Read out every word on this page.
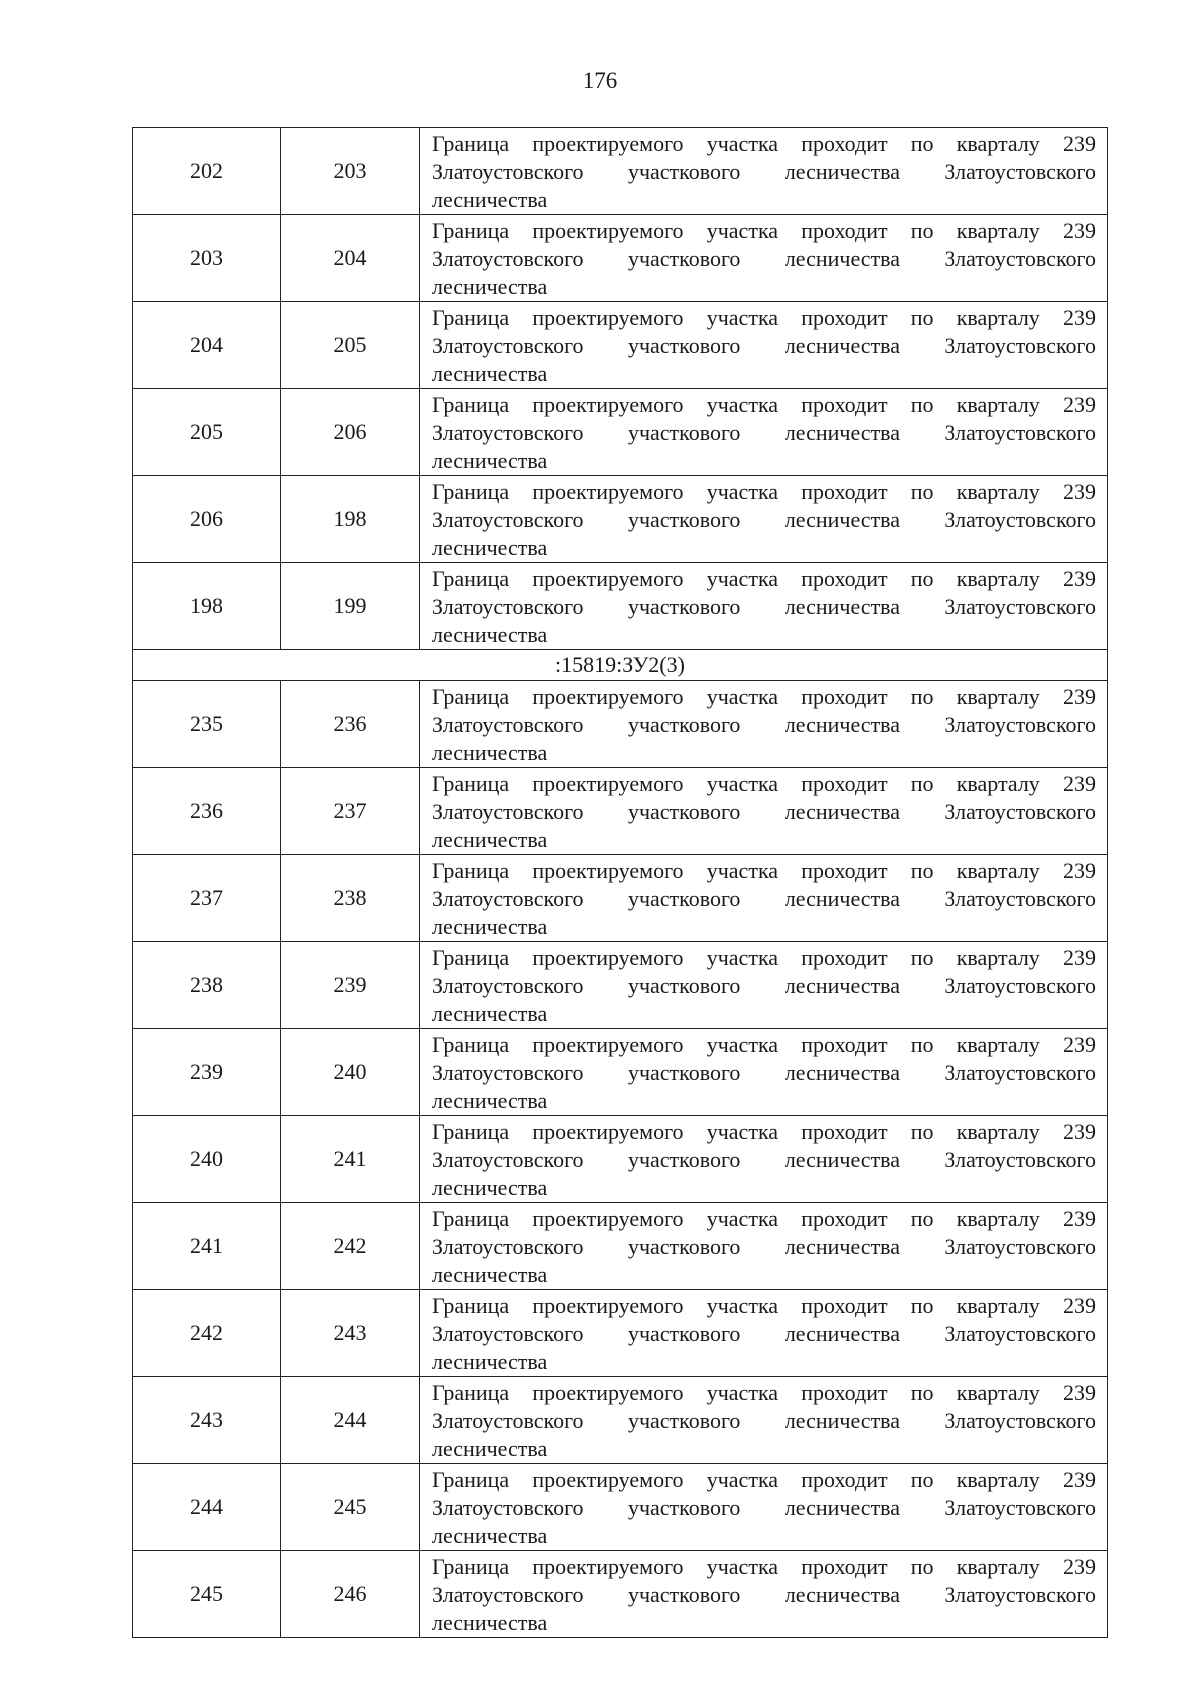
176
202	203	Граница проектируемого участка проходит по кварталу 239
Златоустовского участкового лесничества Златоустовского
лесничества

203	204	Граница проектируемого участка проходит по кварталу 239
Златоустовского участкового лесничества Златоустовского
лесничества

204	205	Граница проектируемого участка проходит по кварталу 239
Златоустовского участкового лесничества Златоустовского
лесничества

205	206	Граница проектируемого участка проходит по кварталу 239
Златоустовского участкового лесничества Златоустовского
лесничества

206	198	Граница проектируемого участка проходит по кварталу 239
Златоустовского участкового лесничества Златоустовского
лесничества

198	199	Граница проектируемого участка проходит по кварталу 239
Златоустовского участкового лесничества Златоустовского
лесничества

:15819:ЗУ2(3)		
235	236	Граница проектируемого участка проходит по кварталу 239
Златоустовского участкового лесничества Златоустовского
лесничества

236	237	Граница проектируемого участка проходит по кварталу 239
Златоустовского участкового лесничества Златоустовского
лесничества

237	238	Граница проектируемого участка проходит по кварталу 239
Златоустовского участкового лесничества Златоустовского
лесничества

238	239	Граница проектируемого участка проходит по кварталу 239
Златоустовского участкового лесничества Златоустовского
лесничества

239	240	Граница проектируемого участка проходит по кварталу 239
Златоустовского участкового лесничества Златоустовского
лесничества

240	241	Граница проектируемого участка проходит по кварталу 239
Златоустовского участкового лесничества Златоустовского
лесничества

241	242	Граница проектируемого участка проходит по кварталу 239
Златоустовского участкового лесничества Златоустовского
лесничества

242	243	Граница проектируемого участка проходит по кварталу 239
Златоустовского участкового лесничества Златоустовского
лесничества

243	244	Граница проектируемого участка проходит по кварталу 239
Златоустовского участкового лесничества Златоустовского
лесничества

244	245	Граница проектируемого участка проходит по кварталу 239
Златоустовского участкового лесничества Златоустовского
лесничества

245	246	Граница проектируемого участка проходит по кварталу 239
Златоустовского участкового лесничества Златоустовского
лесничества
